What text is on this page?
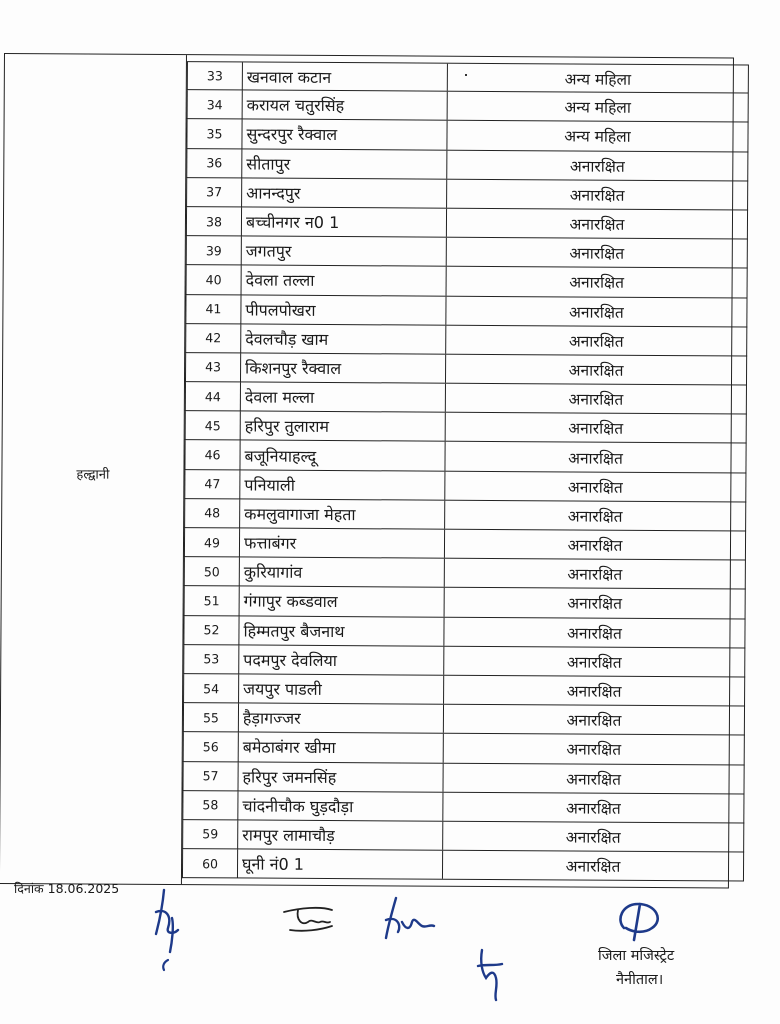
हल्द्वानी
33	खनवाल कटान	अन्य महिला
34	करायल चतुरसिंह	अन्य महिला
35	सुन्दरपुर रैक्वाल	अन्य महिला
36	सीतापुर	अनारक्षित
37	आनन्दपुर	अनारक्षित
38	बच्चीनगर न0 1	अनारक्षित
39	जगतपुर	अनारक्षित
40	देवला तल्ला	अनारक्षित
41	पीपलपोखरा	अनारक्षित
42	देवलचौड़ खाम	अनारक्षित
43	किशनपुर रैक्वाल	अनारक्षित
44	देवला मल्ला	अनारक्षित
45	हरिपुर तुलाराम	अनारक्षित
46	बजूनियाहल्दू	अनारक्षित
47	पनियाली	अनारक्षित
48	कमलुवागाजा मेहता	अनारक्षित
49	फत्ताबंगर	अनारक्षित
50	कुरियागांव	अनारक्षित
51	गंगापुर कब्डवाल	अनारक्षित
52	हिम्मतपुर बैजनाथ	अनारक्षित
53	पदमपुर देवलिया	अनारक्षित
54	जयपुर पाडली	अनारक्षित
55	हैड़ागज्जर	अनारक्षित
56	बमेठाबंगर खीमा	अनारक्षित
57	हरिपुर जमनसिंह	अनारक्षित
58	चांदनीचौक घुड़दौड़ा	अनारक्षित
59	रामपुर लामाचौड़	अनारक्षित
60	घूनी नं0 1	अनारक्षित
दिनांक 18.06.2025
जिला मजिस्ट्रेट
नैनीताल।
